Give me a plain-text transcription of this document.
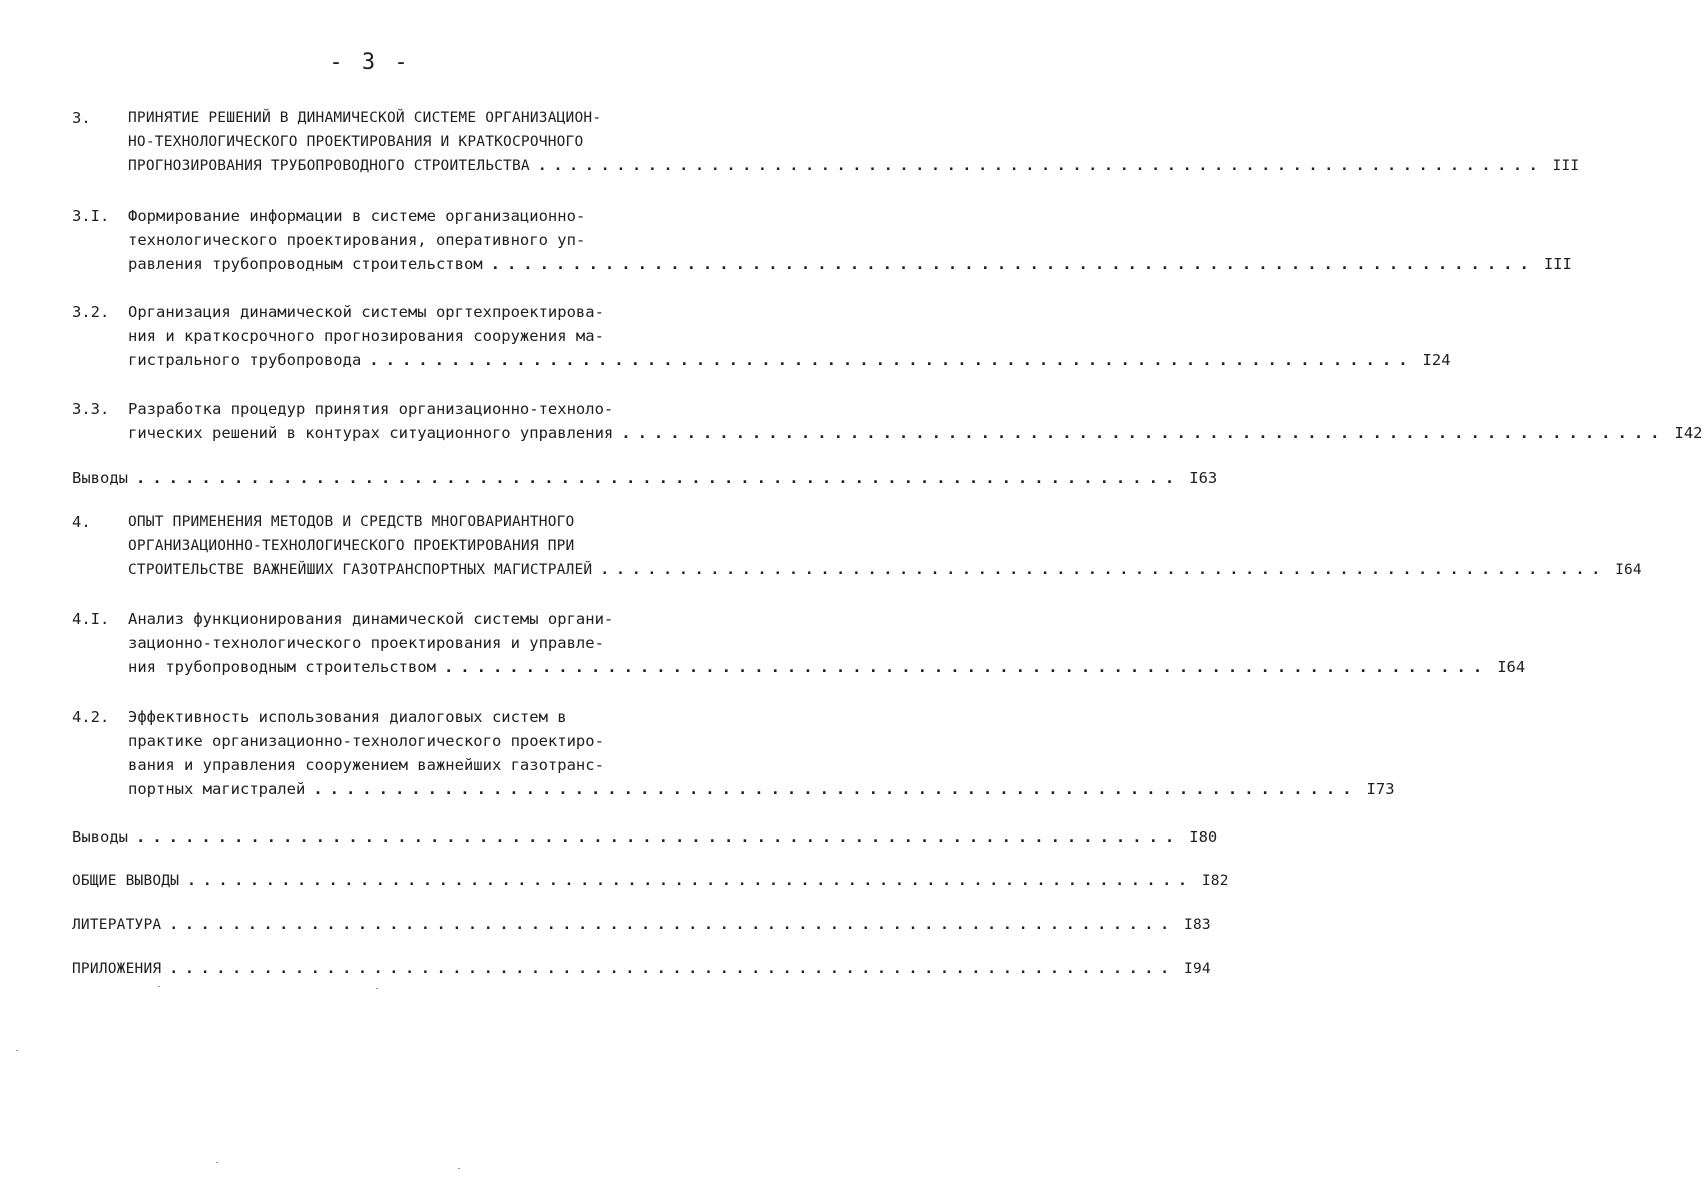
- 3 -
3.	ПРИНЯТИЕ РЕШЕНИЙ В ДИНАМИЧЕСКОЙ СИСТЕМЕ ОРГАНИЗАЦИОН-
НО-ТЕХНОЛОГИЧЕСКОГО ПРОЕКТИРОВАНИЯ И КРАТКОСРОЧНОГО
ПРОГНОЗИРОВАНИЯ ТРУБОПРОВОДНОГО СТРОИТЕЛЬСТВА ................................................................ III
3.I. Формирование информации в системе организационно-
технологического проектирования, оперативного уп-
равления трубопроводным строительством ................................................................ III
3.2. Организация динамической системы оргтехпроектирова-
ния и краткосрочного прогнозирования сооружения ма-
гистрального трубопровода ................................................................ I24
3.3. Разработка процедур принятия организационно-техноло-
гических решений в контурах ситуационного управления ................................................................ I42
Выводы ................................................................ I63
4.	ОПЫТ ПРИМЕНЕНИЯ МЕТОДОВ И СРЕДСТВ МНОГОВАРИАНТНОГО
ОРГАНИЗАЦИОННО-ТЕХНОЛОГИЧЕСКОГО ПРОЕКТИРОВАНИЯ ПРИ
СТРОИТЕЛЬСТВЕ ВАЖНЕЙШИХ ГАЗОТРАНСПОРТНЫХ МАГИСТРАЛЕЙ ................................................................ I64
4.I. Анализ функционирования динамической системы органи-
зационно-технологического проектирования и управле-
ния трубопроводным строительством ................................................................ I64
4.2. Эффективность использования диалоговых систем в
практике организационно-технологического проектиро-
вания и управления сооружением важнейших газотранс-
портных магистралей ................................................................ I73
Выводы ................................................................ I80
ОБЩИЕ ВЫВОДЫ ................................................................ I82
ЛИТЕРАТУРА ................................................................ I83
ПРИЛОЖЕНИЯ ................................................................ I94
